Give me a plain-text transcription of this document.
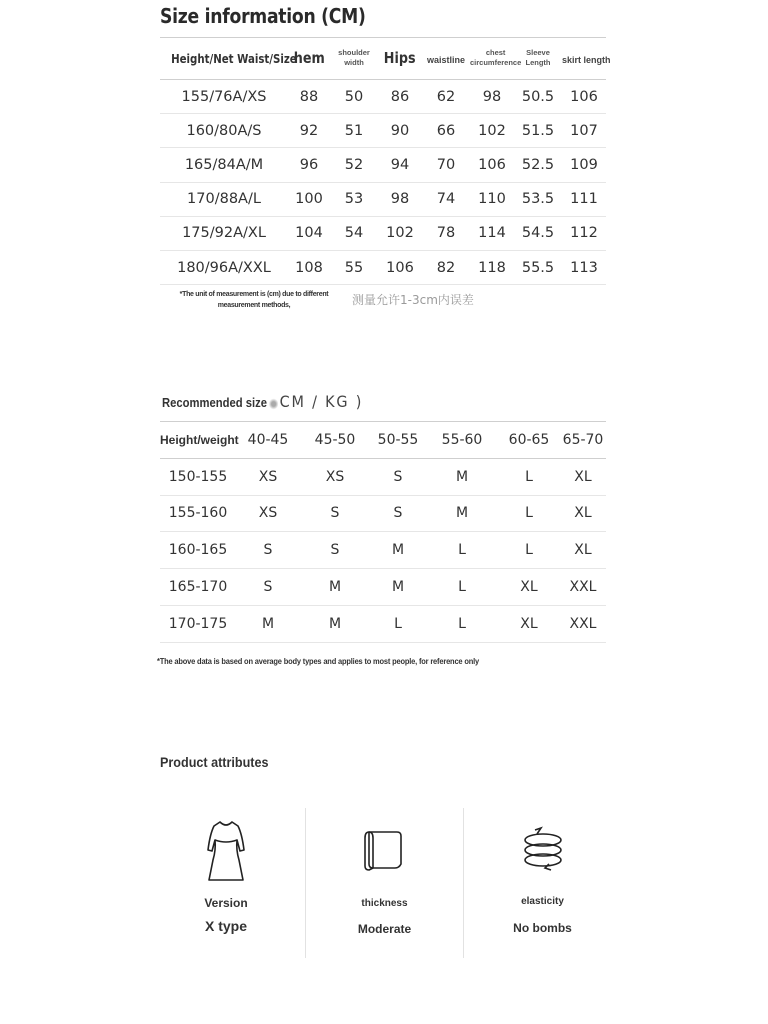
Size information (CM)
Height/Net Waist/Size	hem	shoulder width	Hips	waistline	chest circumference	Sleeve Length	skirt length
155/76A/XS	88	50	86	62	98	50.5	106
160/80A/S	92	51	90	66	102	51.5	107
165/84A/M	96	52	94	70	106	52.5	109
170/88A/L	100	53	98	74	110	53.5	111
175/92A/XL	104	54	102	78	114	54.5	112
180/96A/XXL	108	55	106	82	118	55.5	113
*The unit of measurement is (cm) due to different measurement methods,	测量允许1-3cm内误差
Recommended size CM / KG )
Height/weight	40-45	45-50	50-55	55-60	60-65	65-70
150-155	XS	XS	S	M	L	XL
155-160	XS	S	S	M	L	XL
160-165	S	S	M	L	L	XL
165-170	S	M	M	L	XL	XXL
170-175	M	M	L	L	XL	XXL
*The above data is based on average body types and applies to most people, for reference only
Product attributes
Version
X type
thickness
Moderate
elasticity
No bombs
